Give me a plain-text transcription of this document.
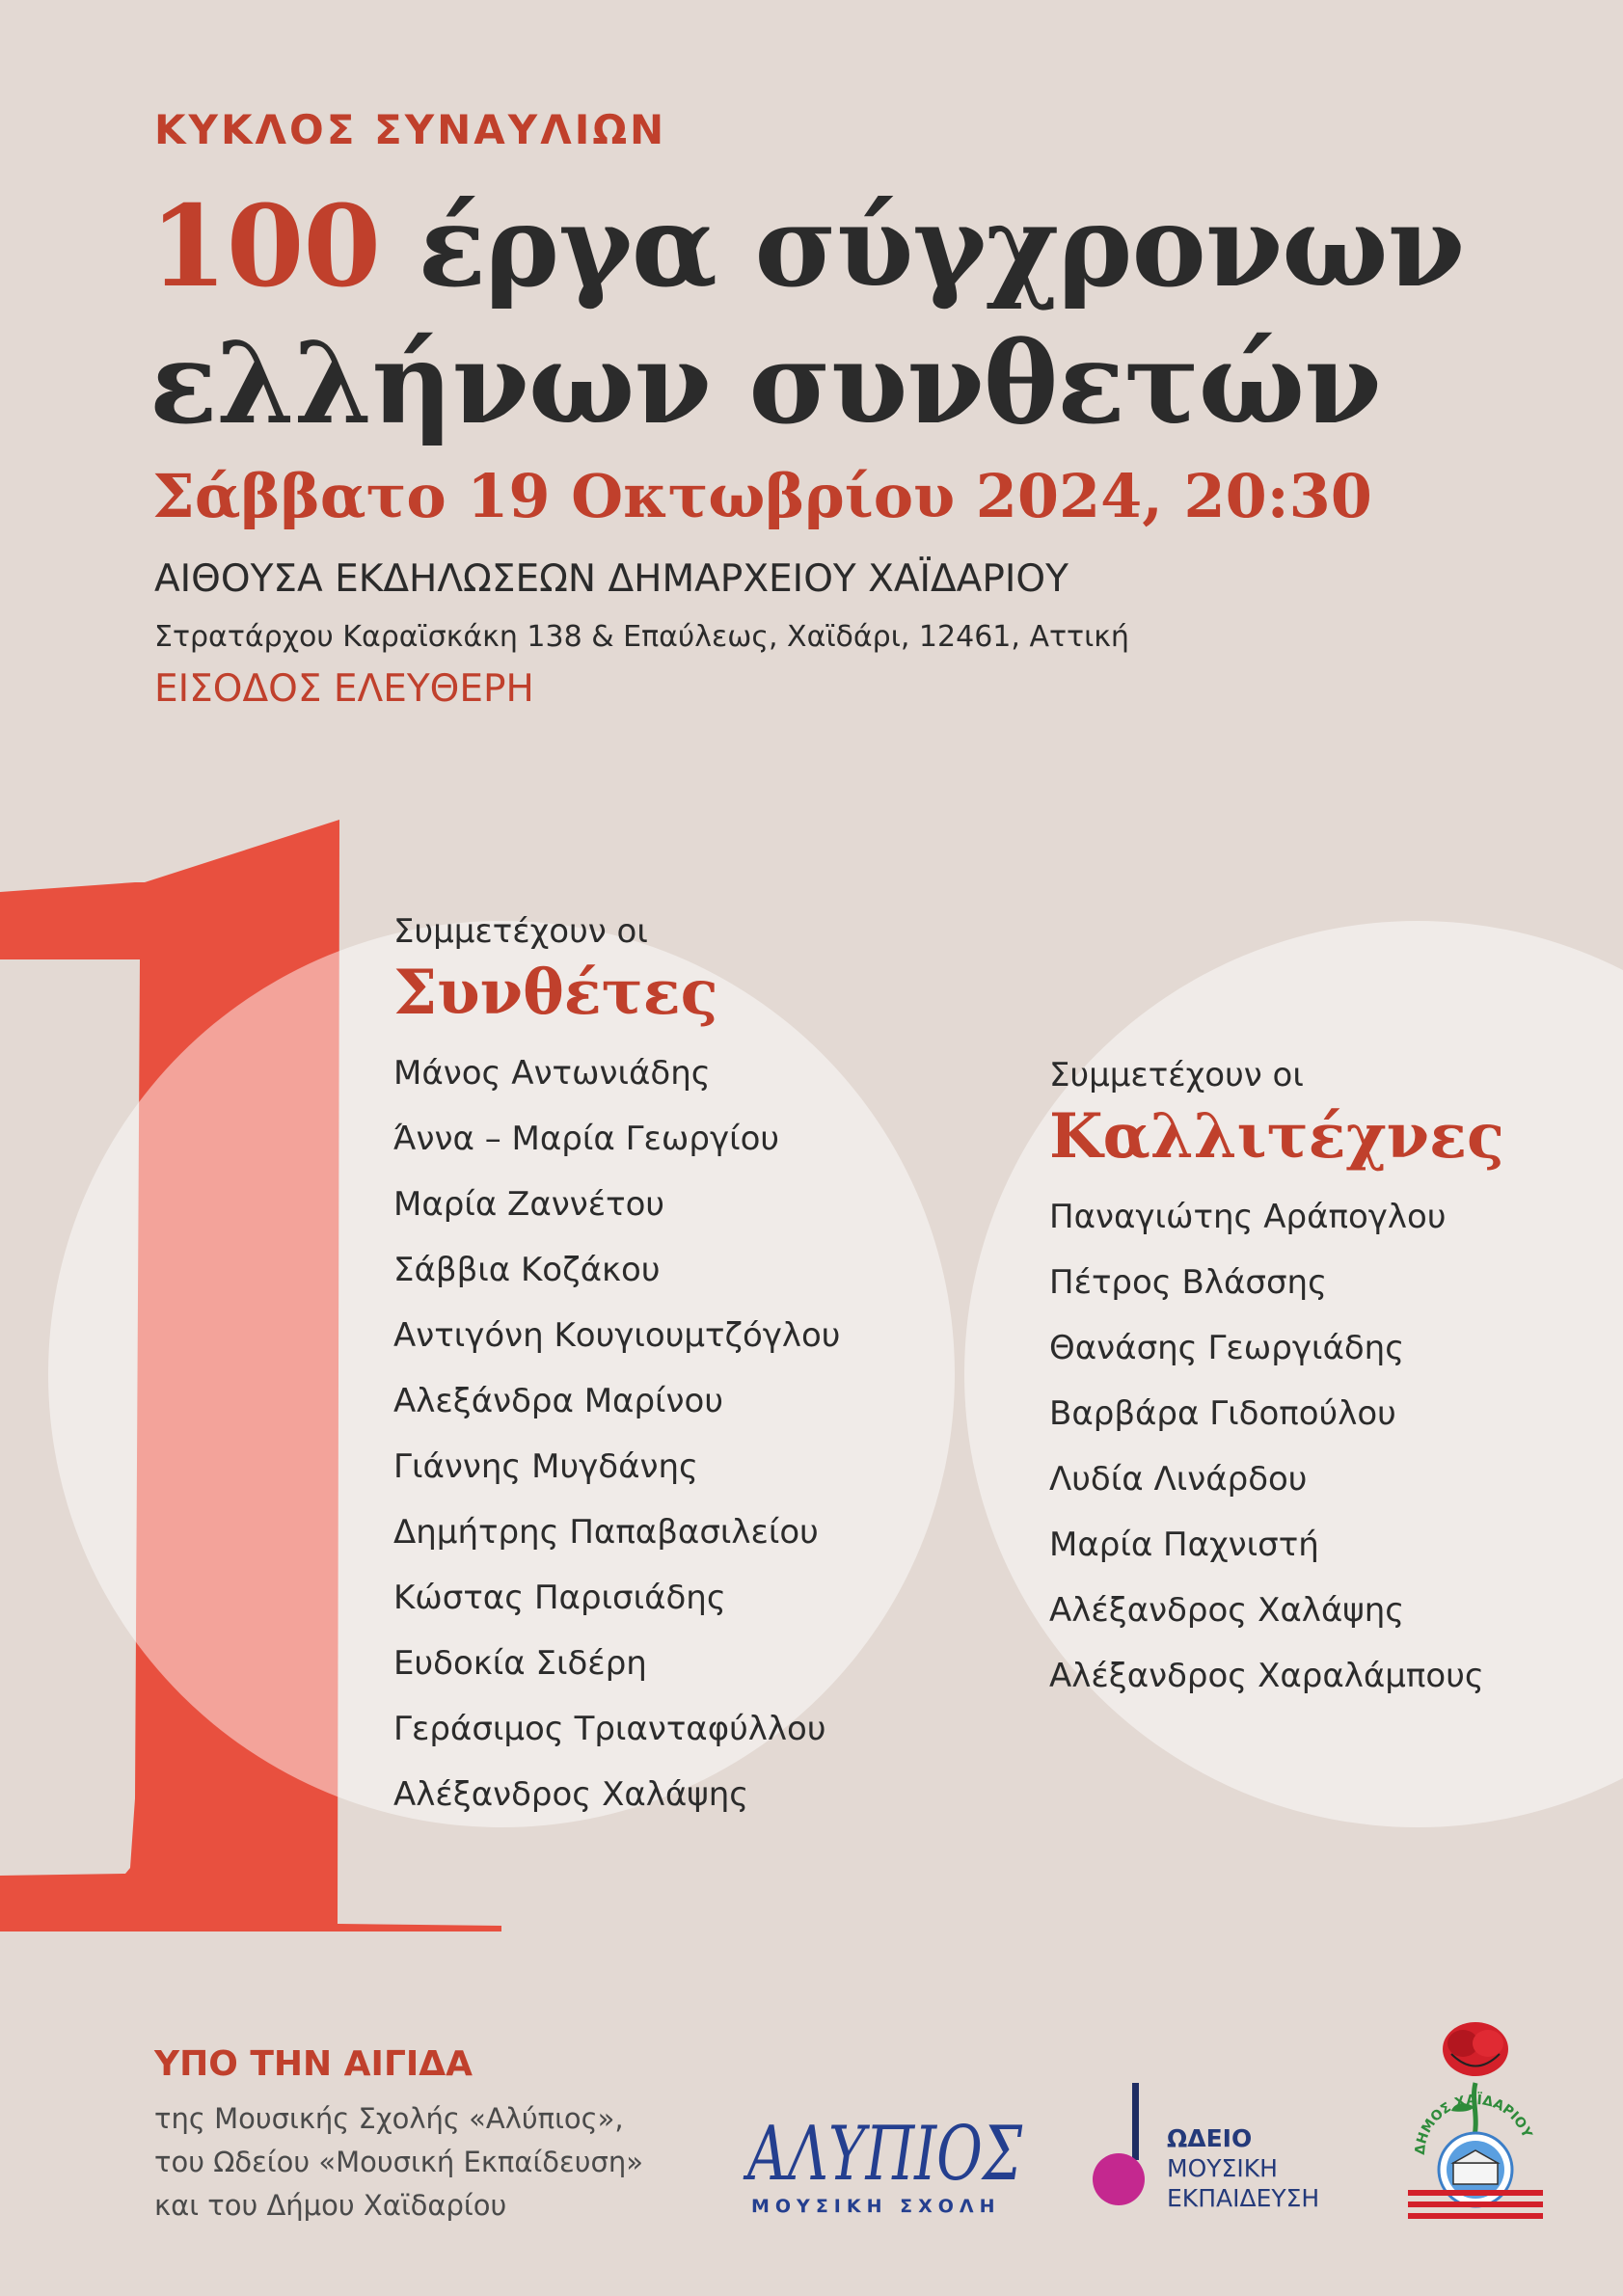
ΚΥΚΛΟΣ ΣΥΝΑΥΛΙΩΝ
100 έργα σύγχρονων
ελλήνων συνθετών
Σάββατο 19 Οκτωβρίου 2024, 20:30
ΑΙΘΟΥΣΑ ΕΚΔΗΛΩΣΕΩΝ ΔΗΜΑΡΧΕΙΟΥ ΧΑΪΔΑΡΙΟΥ
Στρατάρχου Καραϊσκάκη 138 & Επαύλεως, Χαϊδάρι, 12461, Αττική
ΕΙΣΟΔΟΣ ΕΛΕΥΘΕΡΗ
Συμμετέχουν οι
Συνθέτες
Μάνος Αντωνιάδης
Άννα – Μαρία Γεωργίου
Μαρία Ζαννέτου
Σάββια Κοζάκου
Αντιγόνη Κουγιουμτζόγλου
Αλεξάνδρα Μαρίνου
Γιάννης Μυγδάνης
Δημήτρης Παπαβασιλείου
Κώστας Παρισιάδης
Ευδοκία Σιδέρη
Γεράσιμος Τριανταφύλλου
Αλέξανδρος Χαλάψης
Συμμετέχουν οι
Καλλιτέχνες
Παναγιώτης Αράπογλου
Πέτρος Βλάσσης
Θανάσης Γεωργιάδης
Βαρβάρα Γιδοπούλου
Λυδία Λινάρδου
Μαρία Παχνιστή
Αλέξανδρος Χαλάψης
Αλέξανδρος Χαραλάμπους
ΥΠΟ ΤΗΝ ΑΙΓΙΔΑ
της Μουσικής Σχολής «Αλύπιος»,
του Ωδείου «Μουσική Εκπαίδευση»
και του Δήμου Χαϊδαρίου
ΑΛΥΠΙΟΣ
ΜΟΥΣΙΚΗ ΣΧΟΛΗ
ΩΔΕΙΟ
ΜΟΥΣΙΚΗ
ΕΚΠΑΙΔΕΥΣΗ
ΔΗΜΟΣ ΧΑΪΔΑΡΙΟΥ
